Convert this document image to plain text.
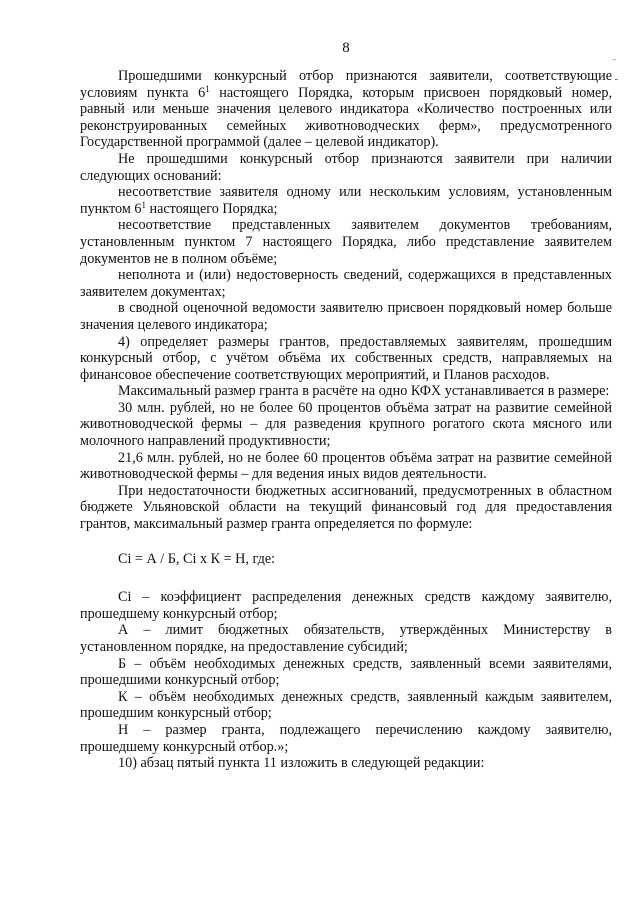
8

Прошедшими конкурсный отбор признаются заявители, соответствующие условиям пункта $6^1$ настоящего Порядка, которым присвоен порядковый номер, равный или меньше значения целевого индикатора «Количество построенных или реконструированных семейных животноводческих ферм», предусмотренного Государственной программой (далее – целевой индикатор).

Не прошедшими конкурсный отбор признаются заявители при наличии следующих оснований:

несоответствие заявителя одному или нескольким условиям, установленным пунктом $6^1$ настоящего Порядка;

несоответствие представленных заявителем документов требованиям, установленным пунктом 7 настоящего Порядка, либо представление заявителем документов не в полном объёме;

неполнота и (или) недостоверность сведений, содержащихся в представленных заявителем документах;

в сводной оценочной ведомости заявителю присвоен порядковый номер больше значения целевого индикатора;

4) определяет размеры грантов, предоставляемых заявителям, прошедшим конкурсный отбор, с учётом объёма их собственных средств, направляемых на финансовое обеспечение соответствующих мероприятий, и Планов расходов.

Максимальный размер гранта в расчёте на одно КФХ устанавливается в размере:

30 млн. рублей, но не более 60 процентов объёма затрат на развитие семейной животноводческой фермы – для разведения крупного рогатого скота мясного или молочного направлений продуктивности;

21,6 млн. рублей, но не более 60 процентов объёма затрат на развитие семейной животноводческой фермы – для ведения иных видов деятельности.

При недостаточности бюджетных ассигнований, предусмотренных в областном бюджете Ульяновской области на текущий финансовый год для предоставления грантов, максимальный размер гранта определяется по формуле:

Ci = А / Б, Ci x К = Н, где:

Ci – коэффициент распределения денежных средств каждому заявителю, прошедшему конкурсный отбор;

А – лимит бюджетных обязательств, утверждённых Министерству в установленном порядке, на предоставление субсидий;

Б – объём необходимых денежных средств, заявленный всеми заявителями, прошедшими конкурсный отбор;

К – объём необходимых денежных средств, заявленный каждым заявителем, прошедшим конкурсный отбор;

Н – размер гранта, подлежащего перечислению каждому заявителю, прошедшему конкурсный отбор.»;

10) абзац пятый пункта 11 изложить в следующей редакции:

ˉ
-
